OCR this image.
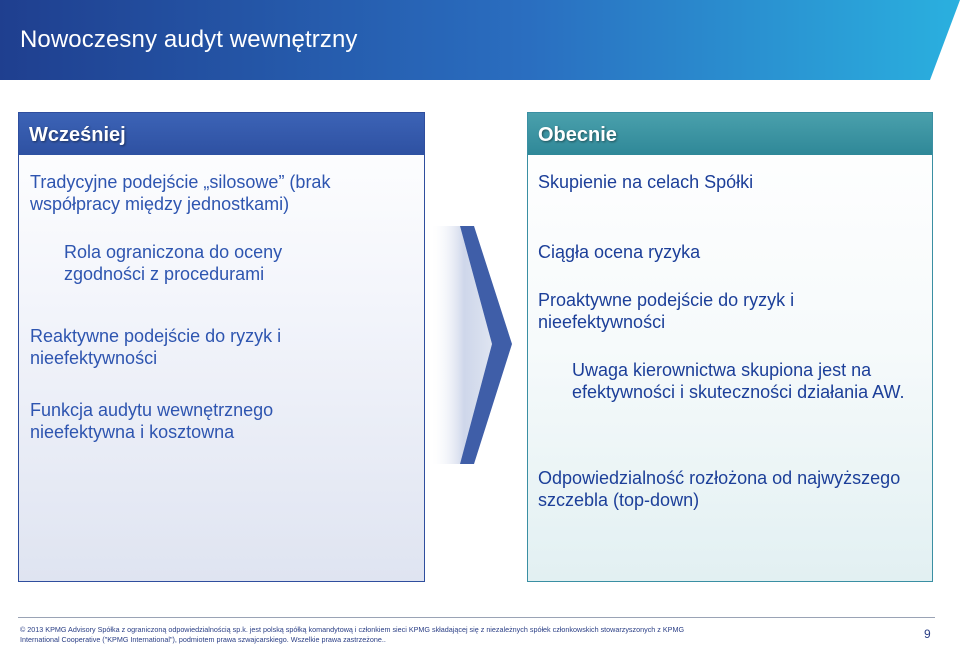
Nowoczesny audyt wewnętrzny
Wcześniej

Tradycyjne podejście „silosowe” (brak współpracy między jednostkami)

Rola ograniczona do oceny zgodności z procedurami

Reaktywne podejście do ryzyk i nieefektywności

Funkcja audytu wewnętrznego nieefektywna i kosztowna

Obecnie

Skupienie na celach Spółki

Ciągła ocena ryzyka

Proaktywne podejście do ryzyk i nieefektywności

Uwaga kierownictwa skupiona jest na efektywności i skuteczności działania AW.

Odpowiedzialność rozłożona od najwyższego szczebla (top-down)

© 2013 KPMG Advisory Spółka z ograniczoną odpowiedzialnością sp.k. jest polską spółką komandytową i członkiem sieci KPMG składającej się z niezależnych spółek członkowskich stowarzyszonych z KPMG International Cooperative ("KPMG International"), podmiotem prawa szwajcarskiego. Wszelkie prawa zastrzeżone..	9
